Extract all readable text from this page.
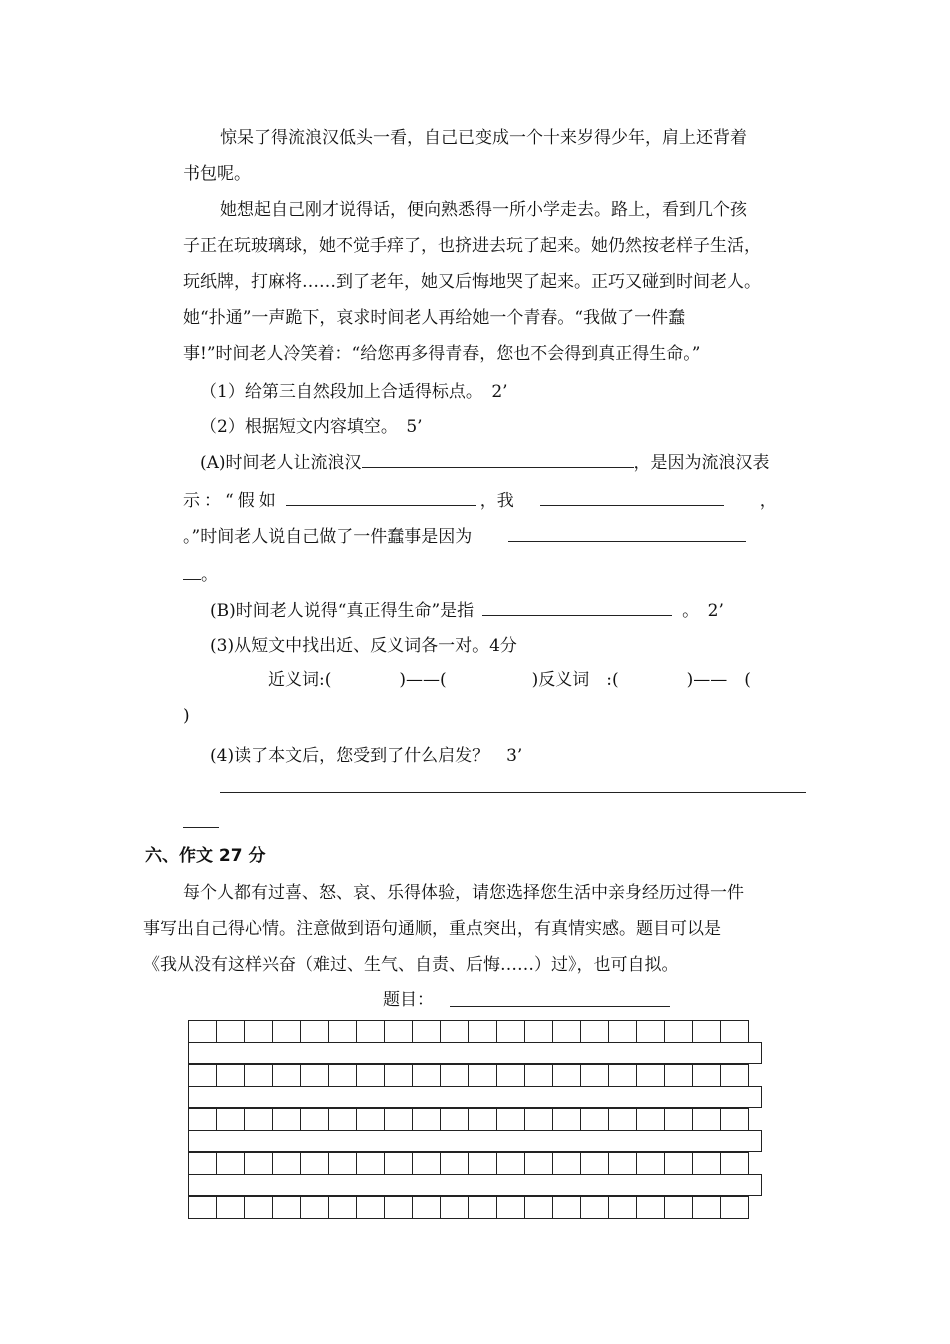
惊呆了得流浪汉低头一看，自己已变成一个十来岁得少年，肩上还背着
书包呢。
她想起自己刚才说得话，便向熟悉得一所小学走去。路上，看到几个孩
子正在玩玻璃球，她不觉手痒了，也挤进去玩了起来。她仍然按老样子生活，
玩纸牌，打麻将……到了老年，她又后悔地哭了起来。正巧又碰到时间老人。
她“扑通”一声跪下，哀求时间老人再给她一个青春。“我做了一件蠢
事!”时间老人冷笑着：“给您再多得青春，您也不会得到真正得生命。”
（1）给第三自然段加上合适得标点。　2’
（2）根据短文内容填空。　5’
(A)时间老人让流浪汉	，是因为流浪汉表
示：“假如	，我	，
。”时间老人说自己做了一件蠢事是因为
。
(B)时间老人说得“真正得生命”是指	。　2’
(3)从短文中找出近、反义词各一对。4分
近义词:(　　　　)——(　　　　　)反义词　:(　　　　)——　(
)
(4)读了本文后，您受到了什么启发？　3’
六、作文 27 分
每个人都有过喜、怒、哀、乐得体验，请您选择您生活中亲身经历过得一件
事写出自己得心情。注意做到语句通顺，重点突出，有真情实感。题目可以是
《我从没有这样兴奋（难过、生气、自责、后悔……）过》，也可自拟。
题目：
